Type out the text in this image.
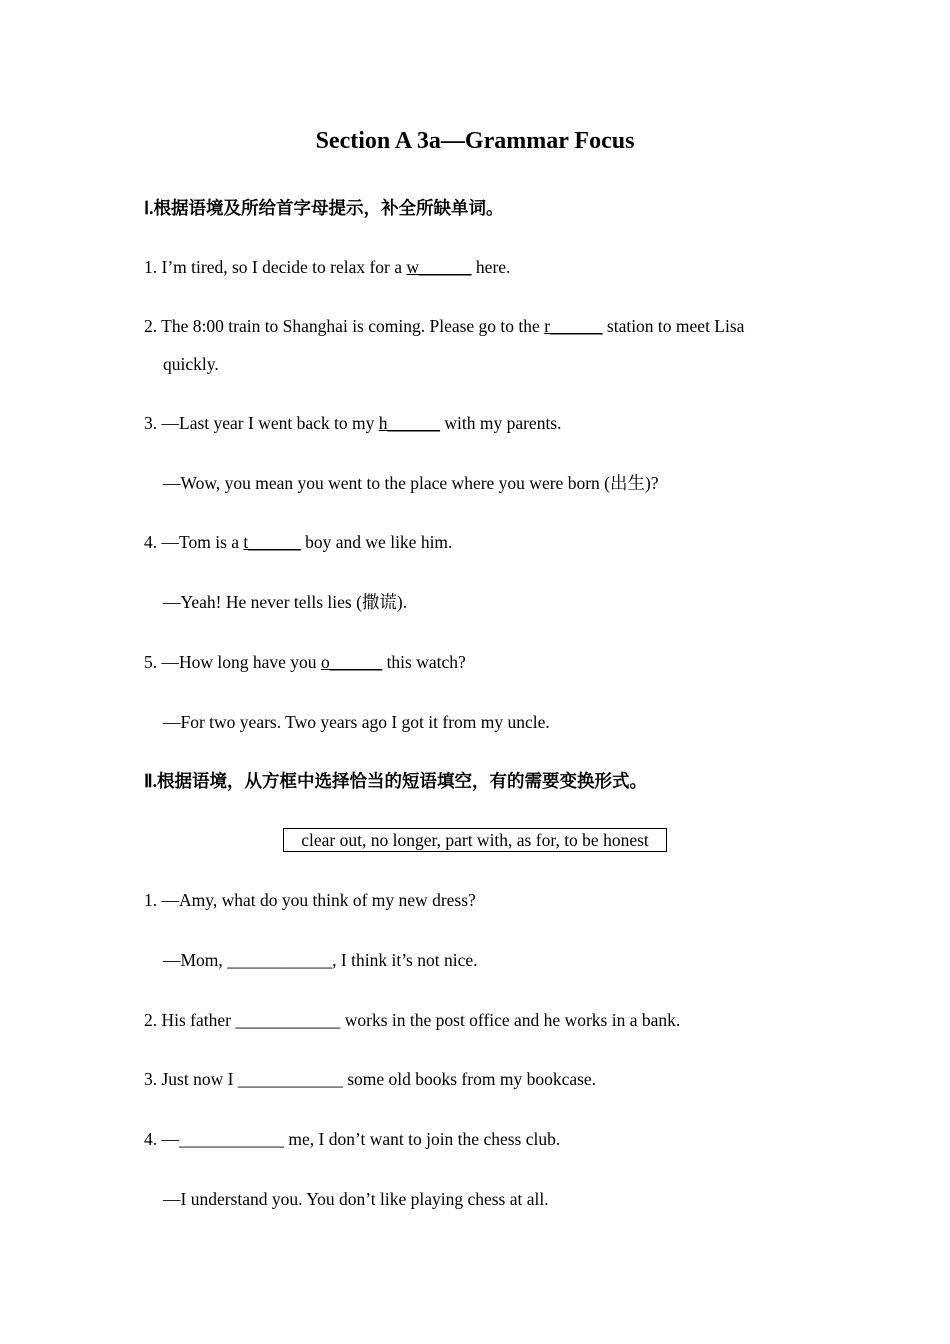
Section A 3a—Grammar Focus
Ⅰ.根据语境及所给首字母提示，补全所缺单词。
1. I’m tired, so I decide to relax for a w______ here.
2. The 8:00 train to Shanghai is coming. Please go to the r______ station to meet Lisa
quickly.
3. —Last year I went back to my h______ with my parents.
—Wow, you mean you went to the place where you were born (出生)?
4. —Tom is a t______ boy and we like him.
—Yeah! He never tells lies (撒谎).
5. —How long have you o______ this watch?
—For two years. Two years ago I got it from my uncle.
Ⅱ.根据语境，从方框中选择恰当的短语填空，有的需要变换形式。
clear out, no longer, part with, as for, to be honest
1. —Amy, what do you think of my new dress?
—Mom, ____________, I think it’s not nice.
2. His father ____________ works in the post office and he works in a bank.
3. Just now I ____________ some old books from my bookcase.
4. —____________ me, I don’t want to join the chess club.
—I understand you. You don’t like playing chess at all.
